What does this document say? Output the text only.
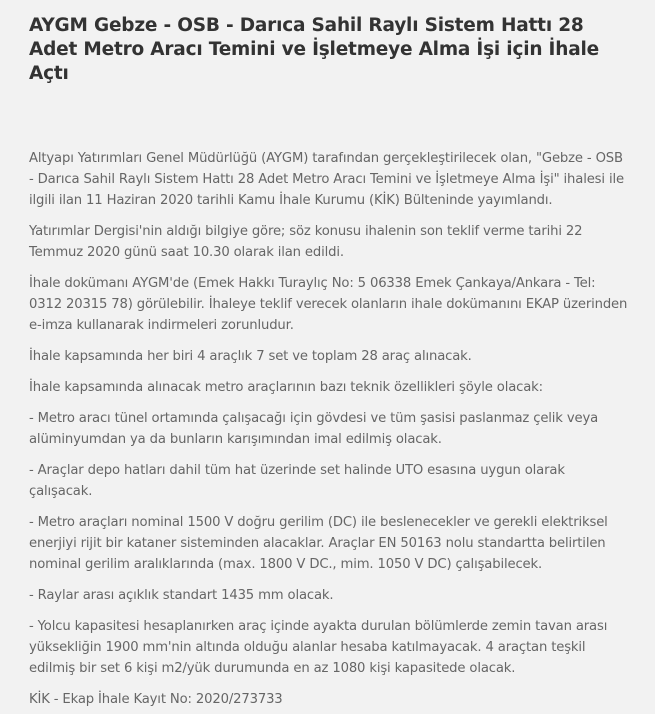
AYGM Gebze - OSB - Darıca Sahil Raylı Sistem Hattı 28 Adet Metro Aracı Temini ve İşletmeye Alma İşi için İhale Açtı

Altyapı Yatırımları Genel Müdürlüğü (AYGM) tarafından gerçekleştirilecek olan, "Gebze - OSB - Darıca Sahil Raylı Sistem Hattı 28 Adet Metro Aracı Temini ve İşletmeye Alma İşi" ihalesi ile ilgili ilan 11 Haziran 2020 tarihli Kamu İhale Kurumu (KİK) Bülteninde yayımlandı.

Yatırımlar Dergisi'nin aldığı bilgiye göre; söz konusu ihalenin son teklif verme tarihi 22 Temmuz 2020 günü saat 10.30 olarak ilan edildi.

İhale dokümanı AYGM'de (Emek Hakkı Turaylıç No: 5 06338 Emek Çankaya/Ankara - Tel: 0312 20315 78) görülebilir. İhaleye teklif verecek olanların ihale dokümanını EKAP üzerinden e-imza kullanarak indirmeleri zorunludur.

İhale kapsamında her biri 4 araçlık 7 set ve toplam 28 araç alınacak.

İhale kapsamında alınacak metro araçlarının bazı teknik özellikleri şöyle olacak:

- Metro aracı tünel ortamında çalışacağı için gövdesi ve tüm şasisi paslanmaz çelik veya alüminyumdan ya da bunların karışımından imal edilmiş olacak.

- Araçlar depo hatları dahil tüm hat üzerinde set halinde UTO esasına uygun olarak çalışacak.

- Metro araçları nominal 1500 V doğru gerilim (DC) ile beslenecekler ve gerekli elektriksel enerjiyi rijit bir kataner sisteminden alacaklar. Araçlar EN 50163 nolu standartta belirtilen nominal gerilim aralıklarında (max. 1800 V DC., mim. 1050 V DC) çalışabilecek.

- Raylar arası açıklık standart 1435 mm olacak.

- Yolcu kapasitesi hesaplanırken araç içinde ayakta durulan bölümlerde zemin tavan arası yüksekliğin 1900 mm'nin altında olduğu alanlar hesaba katılmayacak. 4 araçtan teşkil edilmiş bir set 6 kişi m2/yük durumunda en az 1080 kişi kapasitede olacak.

KİK - Ekap İhale Kayıt No: 2020/273733
